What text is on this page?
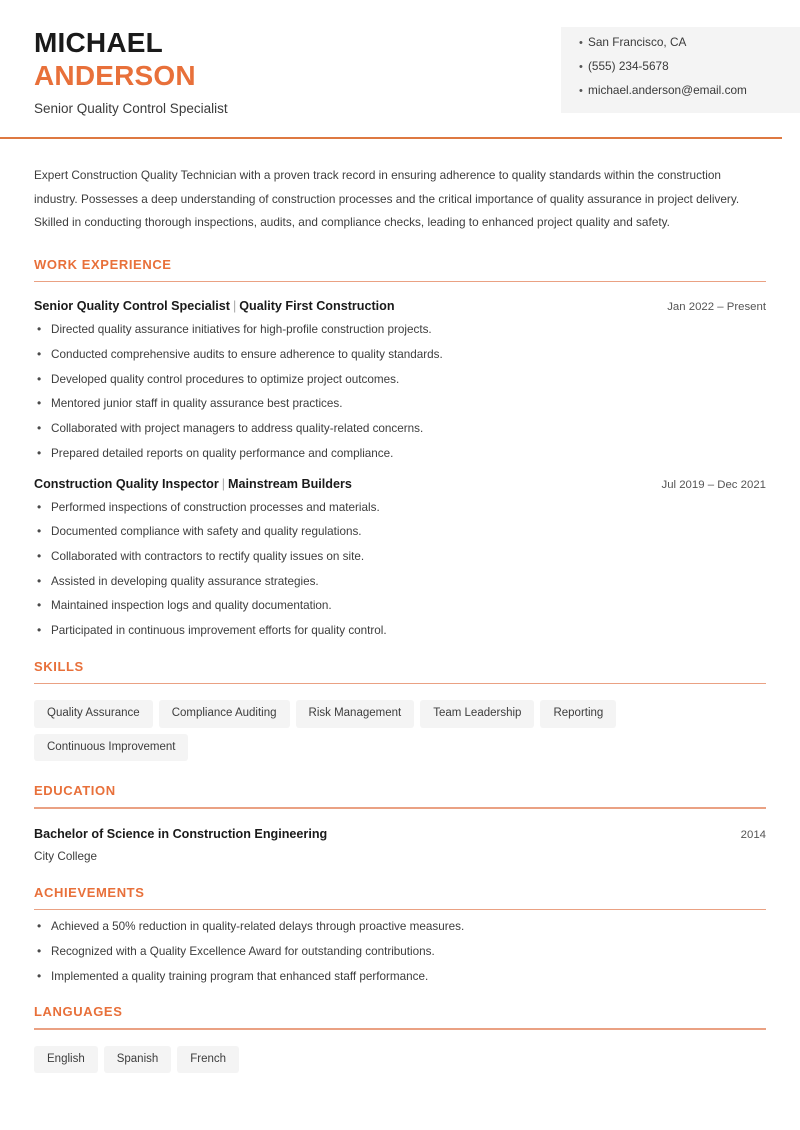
MICHAEL
ANDERSON
Senior Quality Control Specialist
• San Francisco, CA
• (555) 234-5678
• michael.anderson@email.com
Expert Construction Quality Technician with a proven track record in ensuring adherence to quality standards within the construction industry. Possesses a deep understanding of construction processes and the critical importance of quality assurance in project delivery. Skilled in conducting thorough inspections, audits, and compliance checks, leading to enhanced project quality and safety.
WORK EXPERIENCE
Senior Quality Control Specialist | Quality First Construction	Jan 2022 – Present
• Directed quality assurance initiatives for high-profile construction projects.
• Conducted comprehensive audits to ensure adherence to quality standards.
• Developed quality control procedures to optimize project outcomes.
• Mentored junior staff in quality assurance best practices.
• Collaborated with project managers to address quality-related concerns.
• Prepared detailed reports on quality performance and compliance.
Construction Quality Inspector | Mainstream Builders	Jul 2019 – Dec 2021
• Performed inspections of construction processes and materials.
• Documented compliance with safety and quality regulations.
• Collaborated with contractors to rectify quality issues on site.
• Assisted in developing quality assurance strategies.
• Maintained inspection logs and quality documentation.
• Participated in continuous improvement efforts for quality control.
SKILLS
Quality Assurance	Compliance Auditing	Risk Management	Team Leadership	Reporting
Continuous Improvement
EDUCATION
Bachelor of Science in Construction Engineering	2014
City College
ACHIEVEMENTS
• Achieved a 50% reduction in quality-related delays through proactive measures.
• Recognized with a Quality Excellence Award for outstanding contributions.
• Implemented a quality training program that enhanced staff performance.
LANGUAGES
English	Spanish	French
